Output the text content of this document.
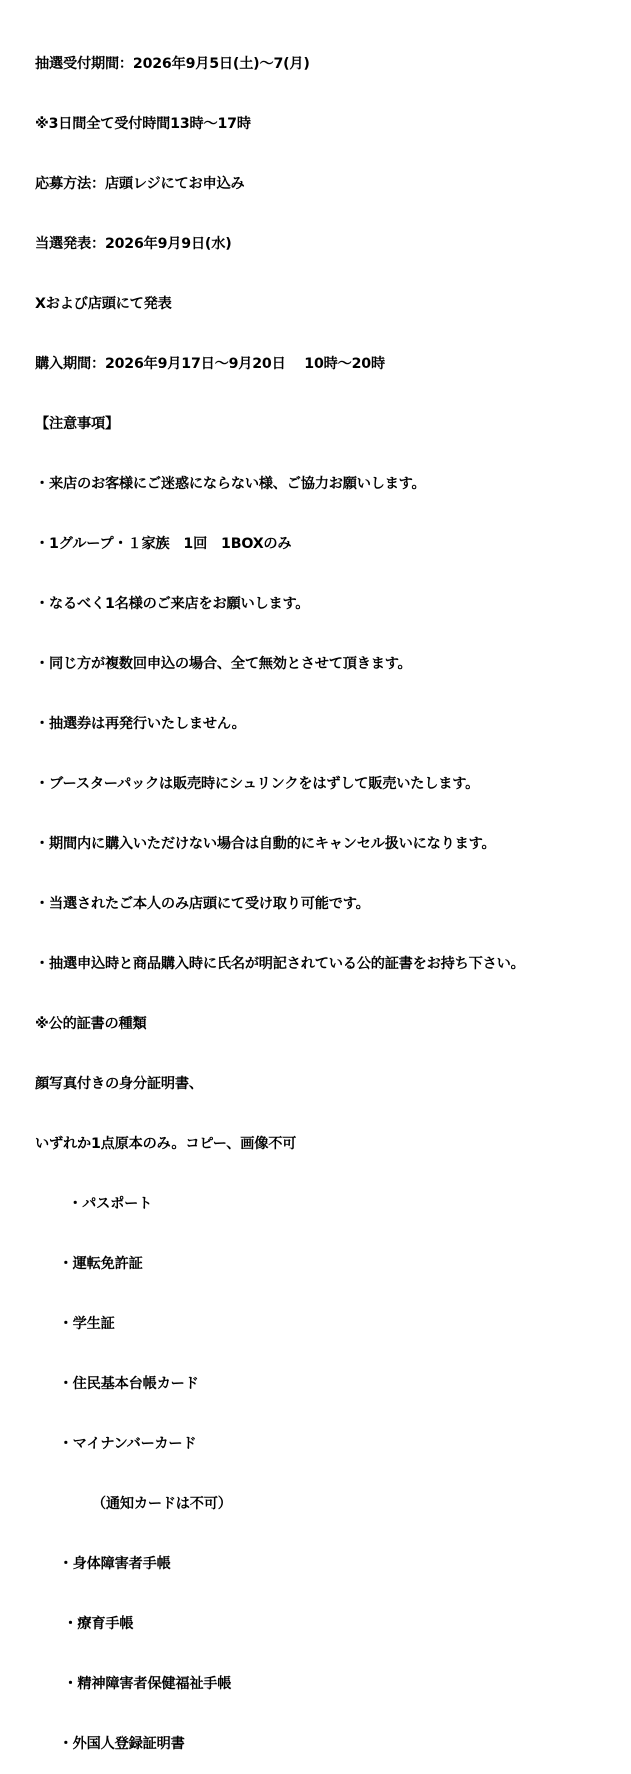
抽選受付期間：2026年9月5日(土)〜7(月)

※3日間全て受付時間13時〜17時

応募方法：店頭レジにてお申込み

当選発表：2026年9月9日(水)

Xおよび店頭にて発表

購入期間：2026年9月17日〜9月20日　 10時〜20時

【注意事項】

・来店のお客様にご迷惑にならない様、ご協力お願いします。

・1グループ・１家族　1回　1BOXのみ

・なるべく1名様のご来店をお願いします。

・同じ方が複数回申込の場合、全て無効とさせて頂きます。

・抽選券は再発行いたしません。

・ブースターパックは販売時にシュリンクをはずして販売いたします。

・期間内に購入いただけない場合は自動的にキャンセル扱いになります。

・当選されたご本人のみ店頭にて受け取り可能です。

・抽選申込時と商品購入時に氏名が明記されている公的証書をお持ち下さい。

※公的証書の種類

顔写真付きの身分証明書、

いずれか1点原本のみ。コピー、画像不可

・パスポート

・運転免許証

・学生証

・住民基本台帳カード

・マイナンバーカード

（通知カードは不可）

・身体障害者手帳

・療育手帳

・精神障害者保健福祉手帳

・外国人登録証明書
